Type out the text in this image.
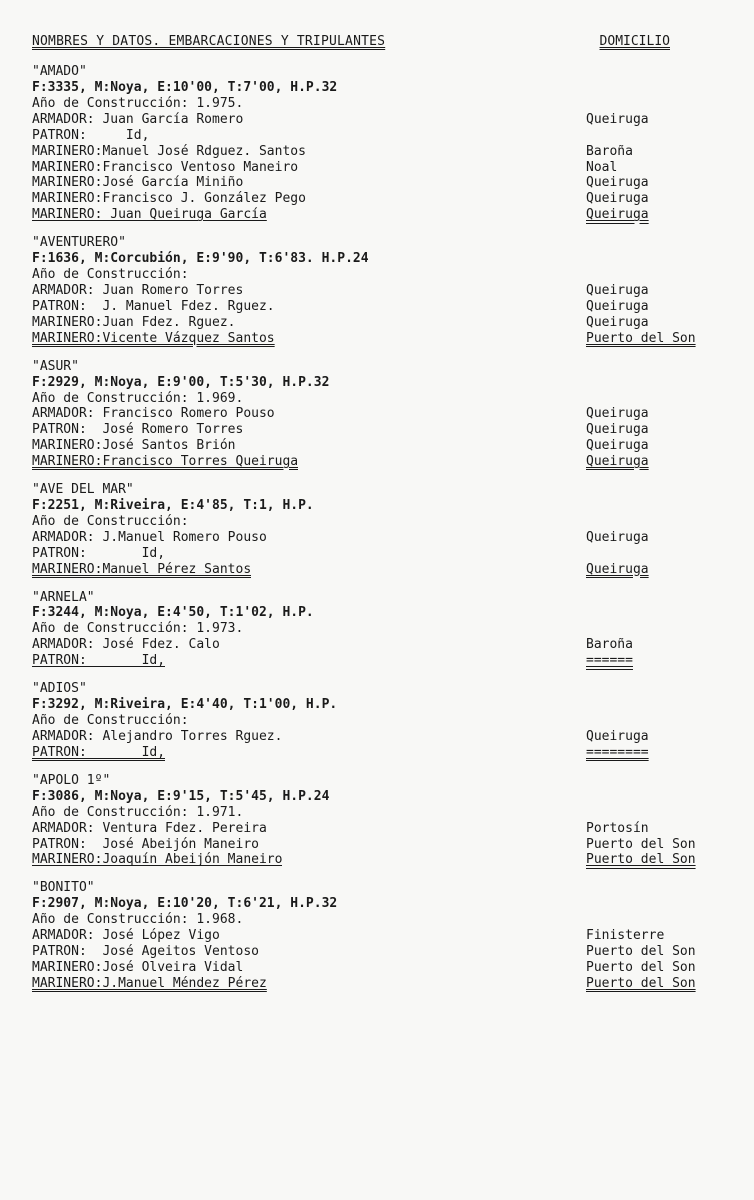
NOMBRES Y DATOS. EMBARCACIONES Y TRIPULANTES	DOMICILIO
"AMADO"
F:3335, M:Noya, E:10'00, T:7'00, H.P.32
Año de Construcción: 1.975.
ARMADOR: Juan García Romero	Queiruga
PATRON:     Id,
MARINERO:Manuel José Rdguez. Santos	Baroña
MARINERO:Francisco Ventoso Maneiro	Noal
MARINERO:José García Miniño	Queiruga
MARINERO:Francisco J. González Pego	Queiruga
MARINERO: Juan Queiruga García	Queiruga
"AVENTURERO"
F:1636, M:Corcubión, E:9'90, T:6'83. H.P.24
Año de Construcción:
ARMADOR: Juan Romero Torres	Queiruga
PATRON:  J. Manuel Fdez. Rguez.	Queiruga
MARINERO:Juan Fdez. Rguez.	Queiruga
MARINERO:Vicente Vázquez Santos	Puerto del Son
"ASUR"
F:2929, M:Noya, E:9'00, T:5'30, H.P.32
Año de Construcción: 1.969.
ARMADOR: Francisco Romero Pouso	Queiruga
PATRON:  José Romero Torres	Queiruga
MARINERO:José Santos Brión	Queiruga
MARINERO:Francisco Torres Queiruga	Queiruga
"AVE DEL MAR"
F:2251, M:Riveira, E:4'85, T:1, H.P.
Año de Construcción:
ARMADOR: J.Manuel Romero Pouso	Queiruga
PATRON:       Id,
MARINERO:Manuel Pérez Santos	Queiruga
"ARNELA"
F:3244, M:Noya, E:4'50, T:1'02, H.P.
Año de Construcción: 1.973.
ARMADOR: José Fdez. Calo	Baroña
PATRON:       Id,	======
"ADIOS"
F:3292, M:Riveira, E:4'40, T:1'00, H.P.
Año de Construcción:
ARMADOR: Alejandro Torres Rguez.	Queiruga
PATRON:       Id,	========
"APOLO 1º"
F:3086, M:Noya, E:9'15, T:5'45, H.P.24
Año de Construcción: 1.971.
ARMADOR: Ventura Fdez. Pereira	Portosín
PATRON:  José Abeijón Maneiro	Puerto del Son
MARINERO:Joaquín Abeijón Maneiro	Puerto del Son
"BONITO"
F:2907, M:Noya, E:10'20, T:6'21, H.P.32
Año de Construcción: 1.968.
ARMADOR: José López Vigo	Finisterre
PATRON:  José Ageitos Ventoso	Puerto del Son
MARINERO:José Olveira Vidal	Puerto del Son
MARINERO:J.Manuel Méndez Pérez	Puerto del Son
